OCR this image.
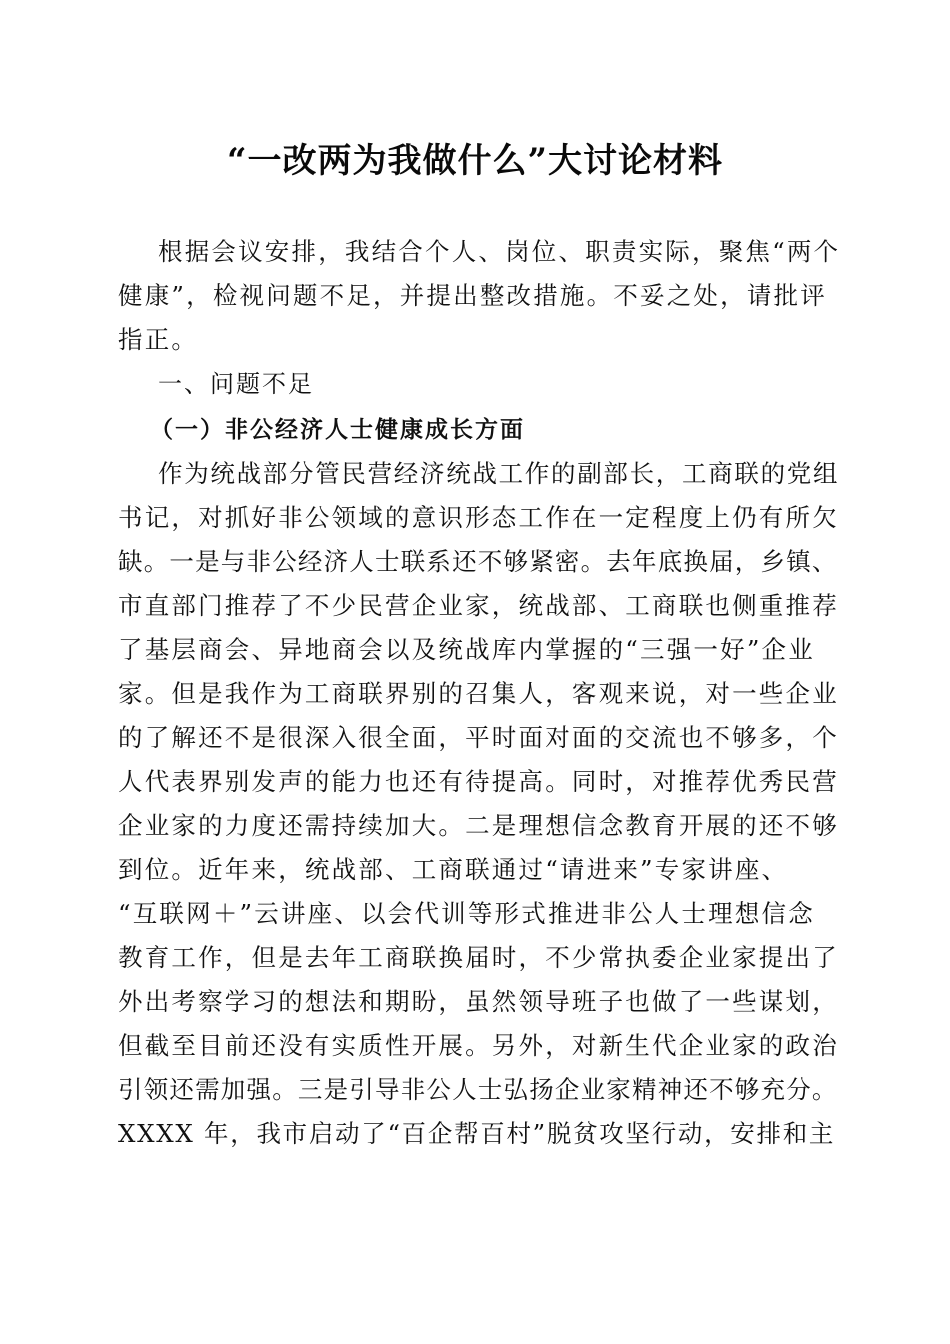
“一改两为我做什么”大讨论材料
根据会议安排，我结合个人、岗位、职责实际，聚焦“两个
健康”，检视问题不足，并提出整改措施。不妥之处，请批评
指正。
一、问题不足
（一）非公经济人士健康成长方面
作为统战部分管民营经济统战工作的副部长，工商联的党组
书记，对抓好非公领域的意识形态工作在一定程度上仍有所欠
缺。一是与非公经济人士联系还不够紧密。去年底换届，乡镇、
市直部门推荐了不少民营企业家，统战部、工商联也侧重推荐
了基层商会、异地商会以及统战库内掌握的“三强一好”企业
家。但是我作为工商联界别的召集人，客观来说，对一些企业
的了解还不是很深入很全面，平时面对面的交流也不够多，个
人代表界别发声的能力也还有待提高。同时，对推荐优秀民营
企业家的力度还需持续加大。二是理想信念教育开展的还不够
到位。近年来，统战部、工商联通过“请进来”专家讲座、
“互联网＋”云讲座、以会代训等形式推进非公人士理想信念
教育工作，但是去年工商联换届时，不少常执委企业家提出了
外出考察学习的想法和期盼，虽然领导班子也做了一些谋划，
但截至目前还没有实质性开展。另外，对新生代企业家的政治
引领还需加强。三是引导非公人士弘扬企业家精神还不够充分。
XXXX 年，我市启动了“百企帮百村”脱贫攻坚行动，安排和主
